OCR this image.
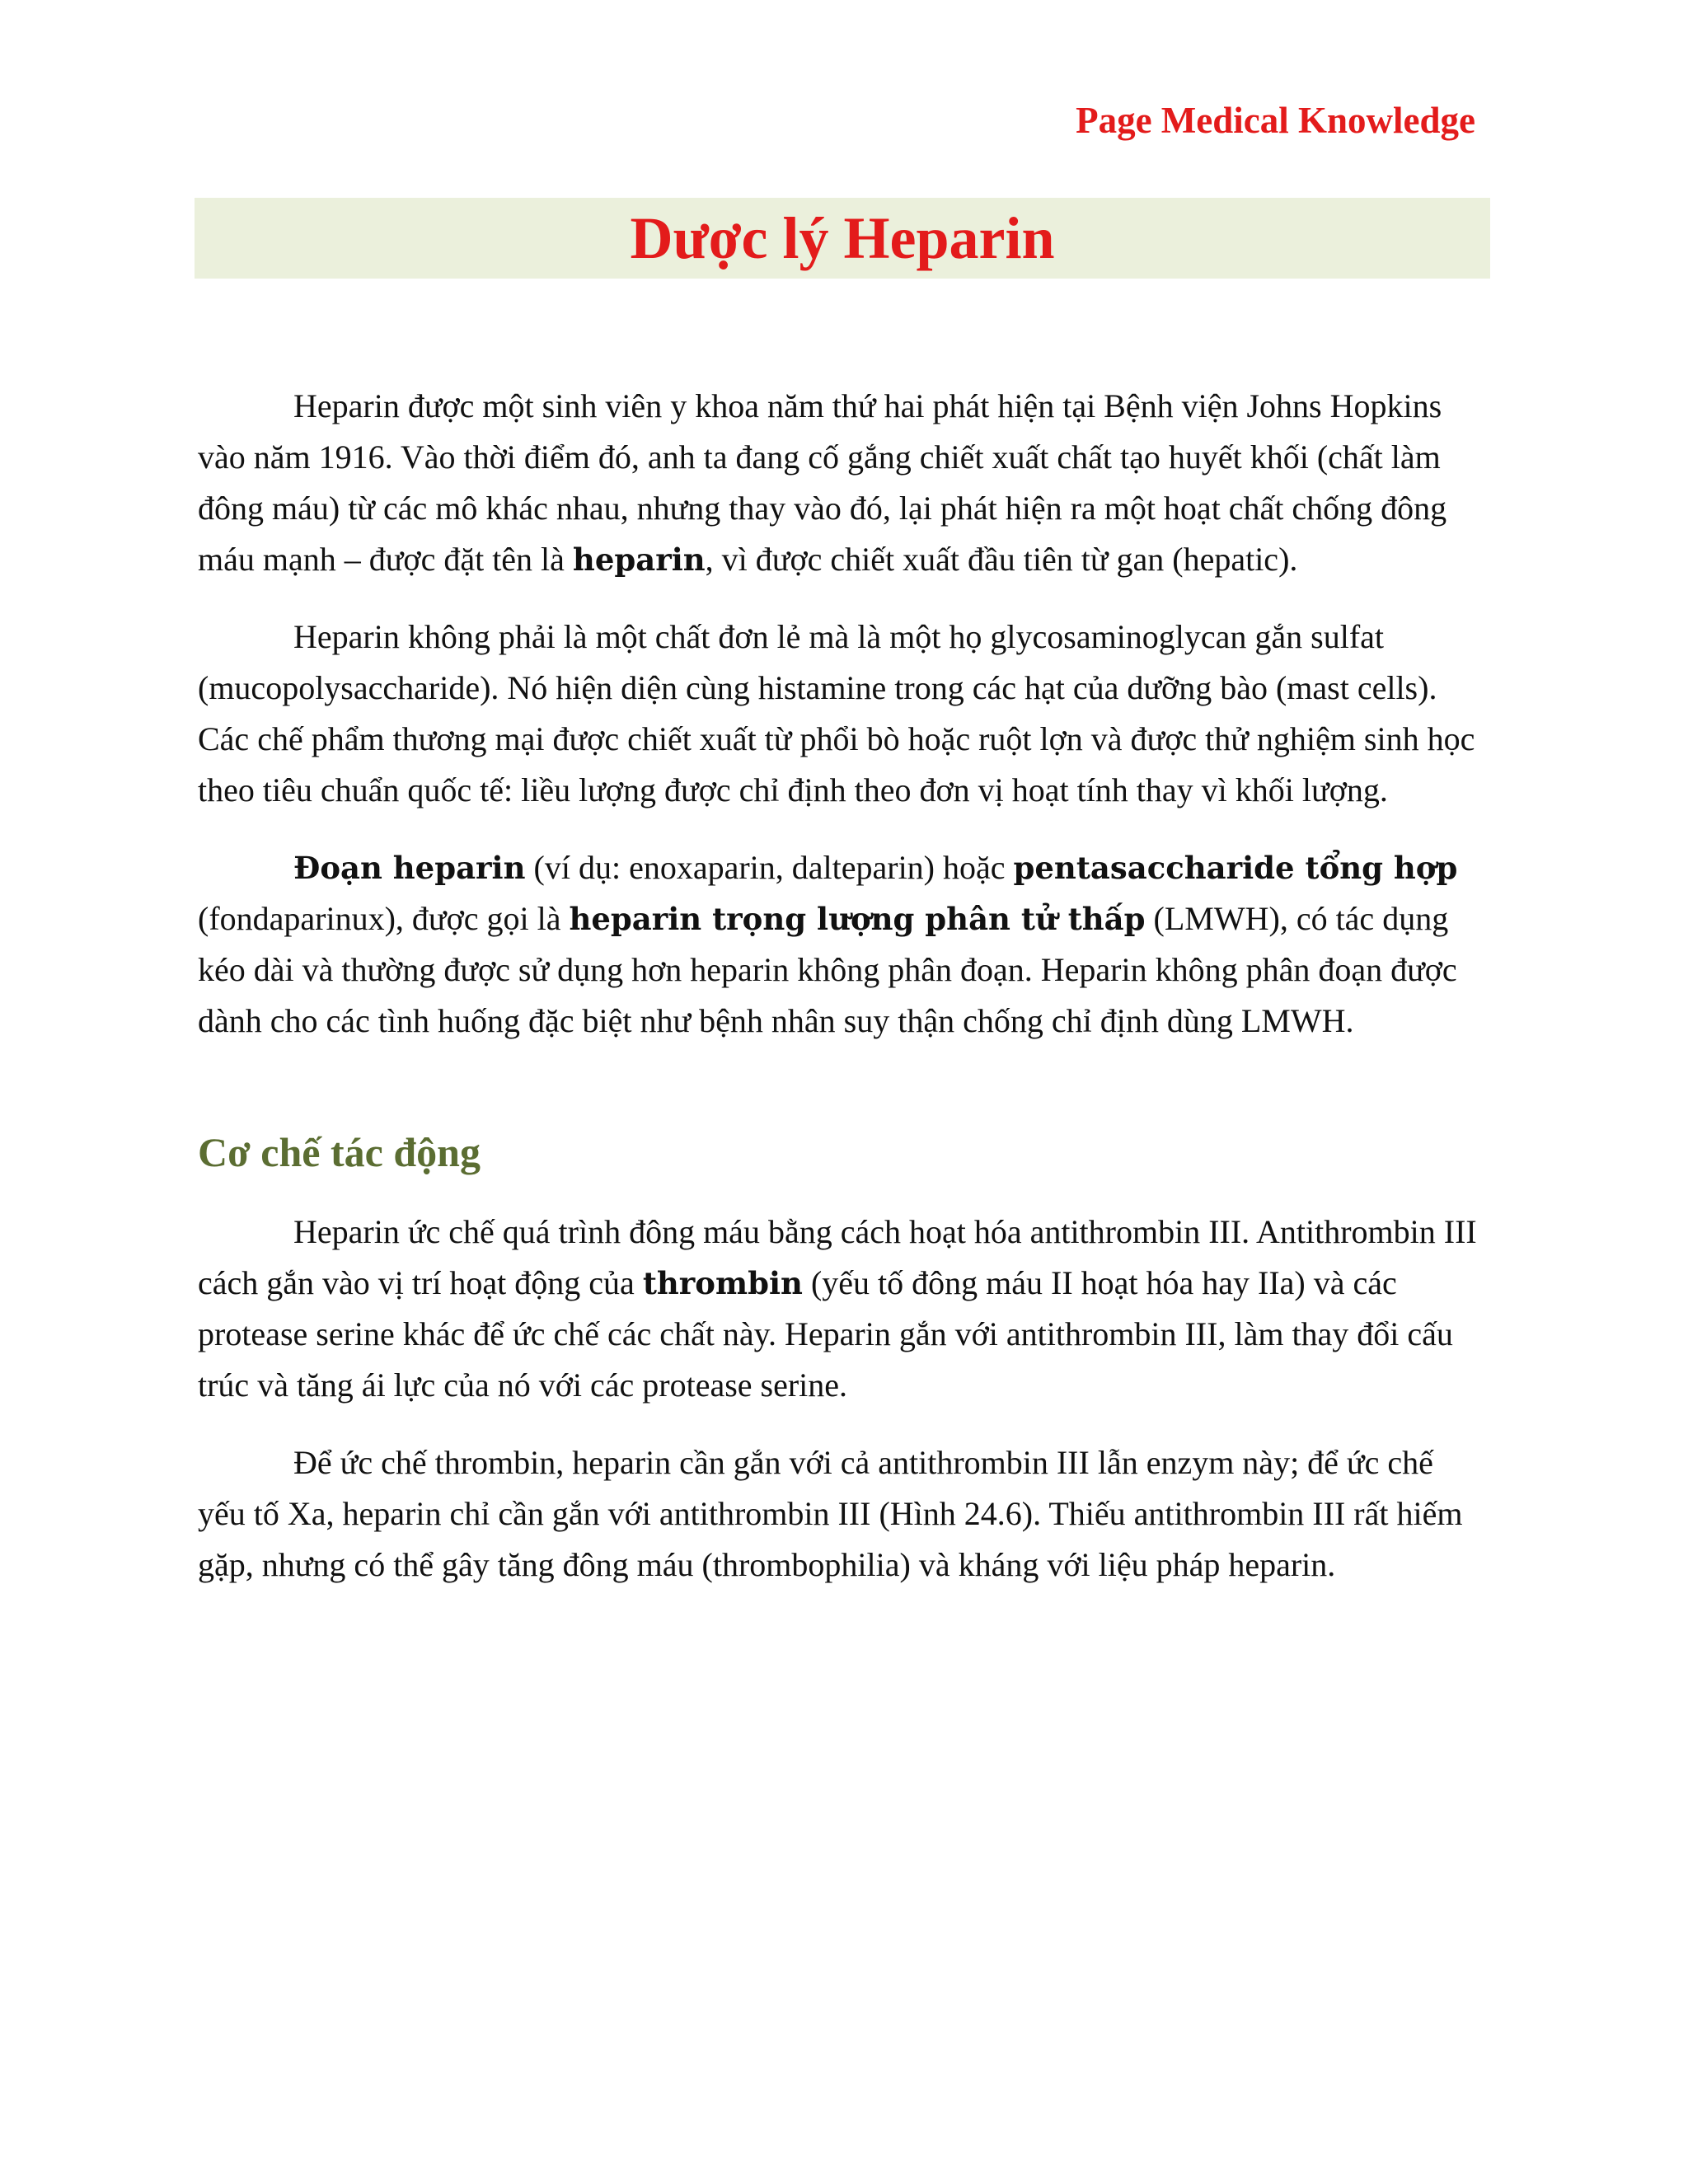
Page Medical Knowledge
Dược lý Heparin

Heparin được một sinh viên y khoa năm thứ hai phát hiện tại Bệnh viện Johns Hopkins vào năm 1916. Vào thời điểm đó, anh ta đang cố gắng chiết xuất chất tạo huyết khối (chất làm đông máu) từ các mô khác nhau, nhưng thay vào đó, lại phát hiện ra một hoạt chất chống đông máu mạnh – được đặt tên là heparin, vì được chiết xuất đầu tiên từ gan (hepatic).

Heparin không phải là một chất đơn lẻ mà là một họ glycosaminoglycan gắn sulfat (mucopolysaccharide). Nó hiện diện cùng histamine trong các hạt của dưỡng bào (mast cells). Các chế phẩm thương mại được chiết xuất từ phổi bò hoặc ruột lợn và được thử nghiệm sinh học theo tiêu chuẩn quốc tế: liều lượng được chỉ định theo đơn vị hoạt tính thay vì khối lượng.

Đoạn heparin (ví dụ: enoxaparin, dalteparin) hoặc pentasaccharide tổng hợp (fondaparinux), được gọi là heparin trọng lượng phân tử thấp (LMWH), có tác dụng kéo dài và thường được sử dụng hơn heparin không phân đoạn. Heparin không phân đoạn được dành cho các tình huống đặc biệt như bệnh nhân suy thận chống chỉ định dùng LMWH.

Cơ chế tác động

Heparin ức chế quá trình đông máu bằng cách hoạt hóa antithrombin III. Antithrombin III cách gắn vào vị trí hoạt động của thrombin (yếu tố đông máu II hoạt hóa hay IIa) và các protease serine khác để ức chế các chất này. Heparin gắn với antithrombin III, làm thay đổi cấu trúc và tăng ái lực của nó với các protease serine.

Để ức chế thrombin, heparin cần gắn với cả antithrombin III lẫn enzym này; để ức chế yếu tố Xa, heparin chỉ cần gắn với antithrombin III (Hình 24.6). Thiếu antithrombin III rất hiếm gặp, nhưng có thể gây tăng đông máu (thrombophilia) và kháng với liệu pháp heparin.
